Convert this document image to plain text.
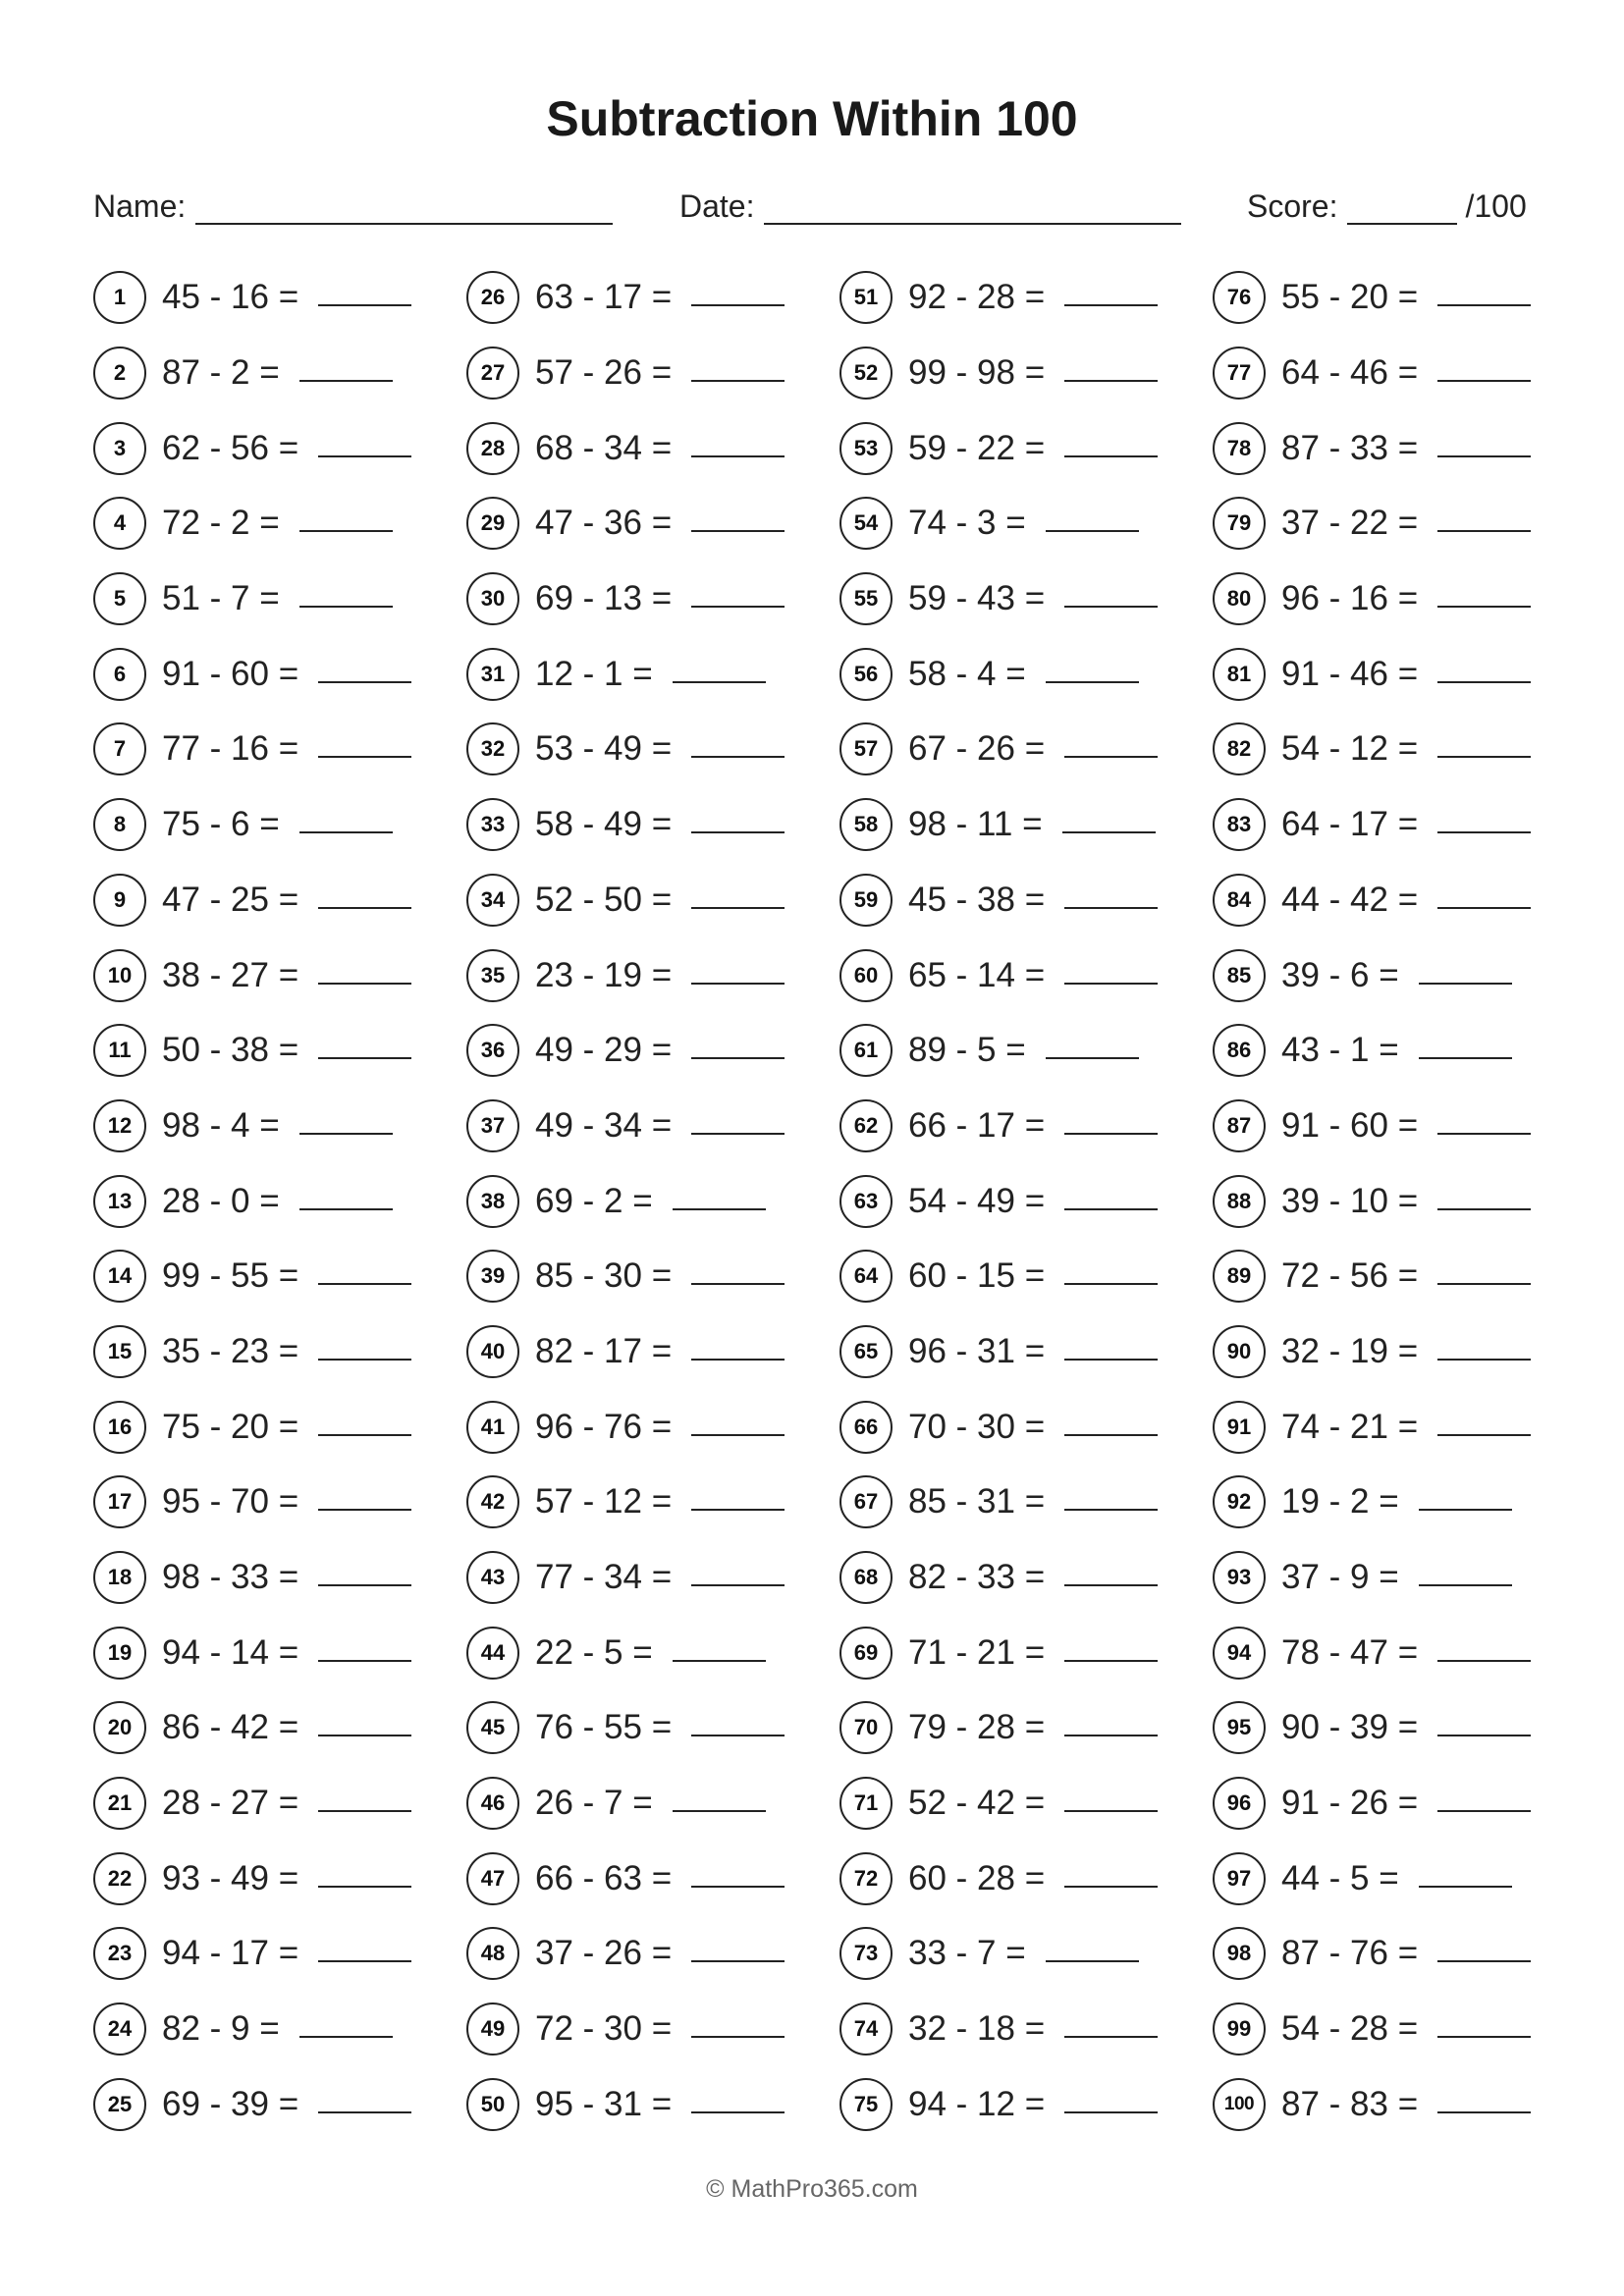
Subtraction Within 100
Name:	Date:	Score:	/100
1	45 - 16 =
2	87 - 2 =
3	62 - 56 =
4	72 - 2 =
5	51 - 7 =
6	91 - 60 =
7	77 - 16 =
8	75 - 6 =
9	47 - 25 =
10 38 - 27 =
11 50 - 38 =
12 98 - 4 =
13 28 - 0 =
14 99 - 55 =
15 35 - 23 =
16 75 - 20 =
17 95 - 70 =
18 98 - 33 =
19 94 - 14 =
20 86 - 42 =
21 28 - 27 =
22 93 - 49 =
23 94 - 17 =
24 82 - 9 =
25 69 - 39 =
26 63 - 17 =
27 57 - 26 =
28 68 - 34 =
29 47 - 36 =
30 69 - 13 =
31 12 - 1 =
32 53 - 49 =
33 58 - 49 =
34 52 - 50 =
35 23 - 19 =
36 49 - 29 =
37 49 - 34 =
38 69 - 2 =
39 85 - 30 =
40 82 - 17 =
41 96 - 76 =
42 57 - 12 =
43 77 - 34 =
44 22 - 5 =
45 76 - 55 =
46 26 - 7 =
47 66 - 63 =
48 37 - 26 =
49 72 - 30 =
50 95 - 31 =
51 92 - 28 =
52 99 - 98 =
53 59 - 22 =
54 74 - 3 =
55 59 - 43 =
56 58 - 4 =
57 67 - 26 =
58 98 - 11 =
59 45 - 38 =
60 65 - 14 =
61 89 - 5 =
62 66 - 17 =
63 54 - 49 =
64 60 - 15 =
65 96 - 31 =
66 70 - 30 =
67 85 - 31 =
68 82 - 33 =
69 71 - 21 =
70 79 - 28 =
71 52 - 42 =
72 60 - 28 =
73 33 - 7 =
74 32 - 18 =
75 94 - 12 =
76 55 - 20 =
77 64 - 46 =
78 87 - 33 =
79 37 - 22 =
80 96 - 16 =
81 91 - 46 =
82 54 - 12 =
83 64 - 17 =
84 44 - 42 =
85 39 - 6 =
86 43 - 1 =
87 91 - 60 =
88 39 - 10 =
89 72 - 56 =
90 32 - 19 =
91 74 - 21 =
92 19 - 2 =
93 37 - 9 =
94 78 - 47 =
95 90 - 39 =
96 91 - 26 =
97 44 - 5 =
98 87 - 76 =
99 54 - 28 =
100 87 - 83 =
© MathPro365.com
